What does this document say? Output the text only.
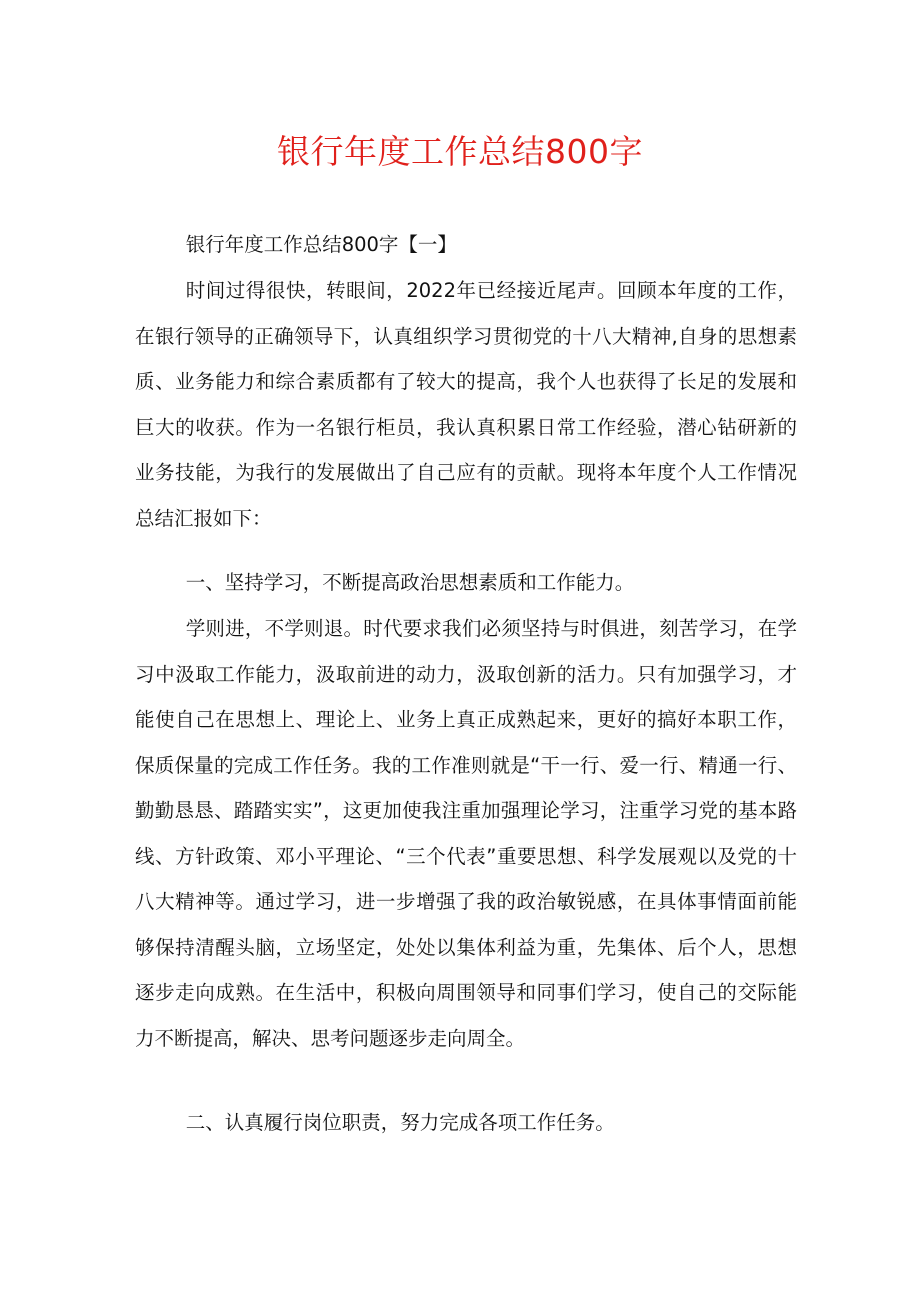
银行年度工作总结800字
银行年度工作总结800字【一】
时间过得很快，转眼间，2022年已经接近尾声。回顾本年度的工作，在银行领导的正确领导下，认真组织学习贯彻党的十八大精神,自身的思想素质、业务能力和综合素质都有了较大的提高，我个人也获得了长足的发展和巨大的收获。作为一名银行柜员，我认真积累日常工作经验，潜心钻研新的业务技能，为我行的发展做出了自己应有的贡献。现将本年度个人工作情况总结汇报如下：
一、坚持学习，不断提高政治思想素质和工作能力。
学则进，不学则退。时代要求我们必须坚持与时俱进，刻苦学习，在学习中汲取工作能力，汲取前进的动力，汲取创新的活力。只有加强学习，才能使自己在思想上、理论上、业务上真正成熟起来，更好的搞好本职工作，保质保量的完成工作任务。我的工作准则就是“干一行、爱一行、精通一行、勤勤恳恳、踏踏实实”，这更加使我注重加强理论学习，注重学习党的基本路线、方针政策、邓小平理论、“三个代表”重要思想、科学发展观以及党的十八大精神等。通过学习，进一步增强了我的政治敏锐感，在具体事情面前能够保持清醒头脑，立场坚定，处处以集体利益为重，先集体、后个人，思想逐步走向成熟。在生活中，积极向周围领导和同事们学习，使自己的交际能力不断提高，解决、思考问题逐步走向周全。
二、认真履行岗位职责，努力完成各项工作任务。
